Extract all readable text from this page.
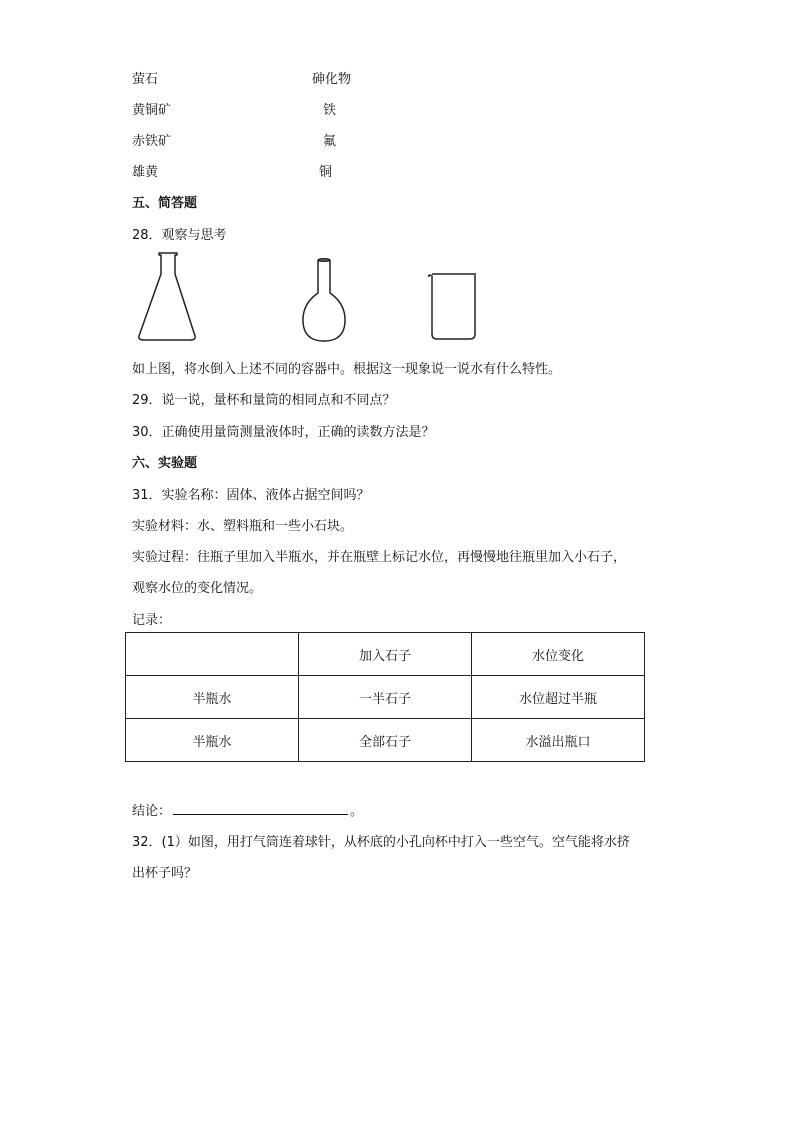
萤石	砷化物
黄铜矿	铁
赤铁矿	氟
雄黄	铜
五、简答题
28．观察与思考
如上图，将水倒入上述不同的容器中。根据这一现象说一说水有什么特性。
29．说一说，量杯和量筒的相同点和不同点？
30．正确使用量筒测量液体时，正确的读数方法是？
六、实验题
31．实验名称：固体、液体占据空间吗？
实验材料：水、塑料瓶和一些小石块。
实验过程：往瓶子里加入半瓶水，并在瓶壁上标记水位，再慢慢地往瓶里加入小石子，
观察水位的变化情况。
记录：
	加入石子	水位变化
半瓶水	一半石子	水位超过半瓶
半瓶水	全部石子	水溢出瓶口
结论：	。
32．(1）如图，用打气筒连着球针，从杯底的小孔向杯中打入一些空气。空气能将水挤
出杯子吗？
